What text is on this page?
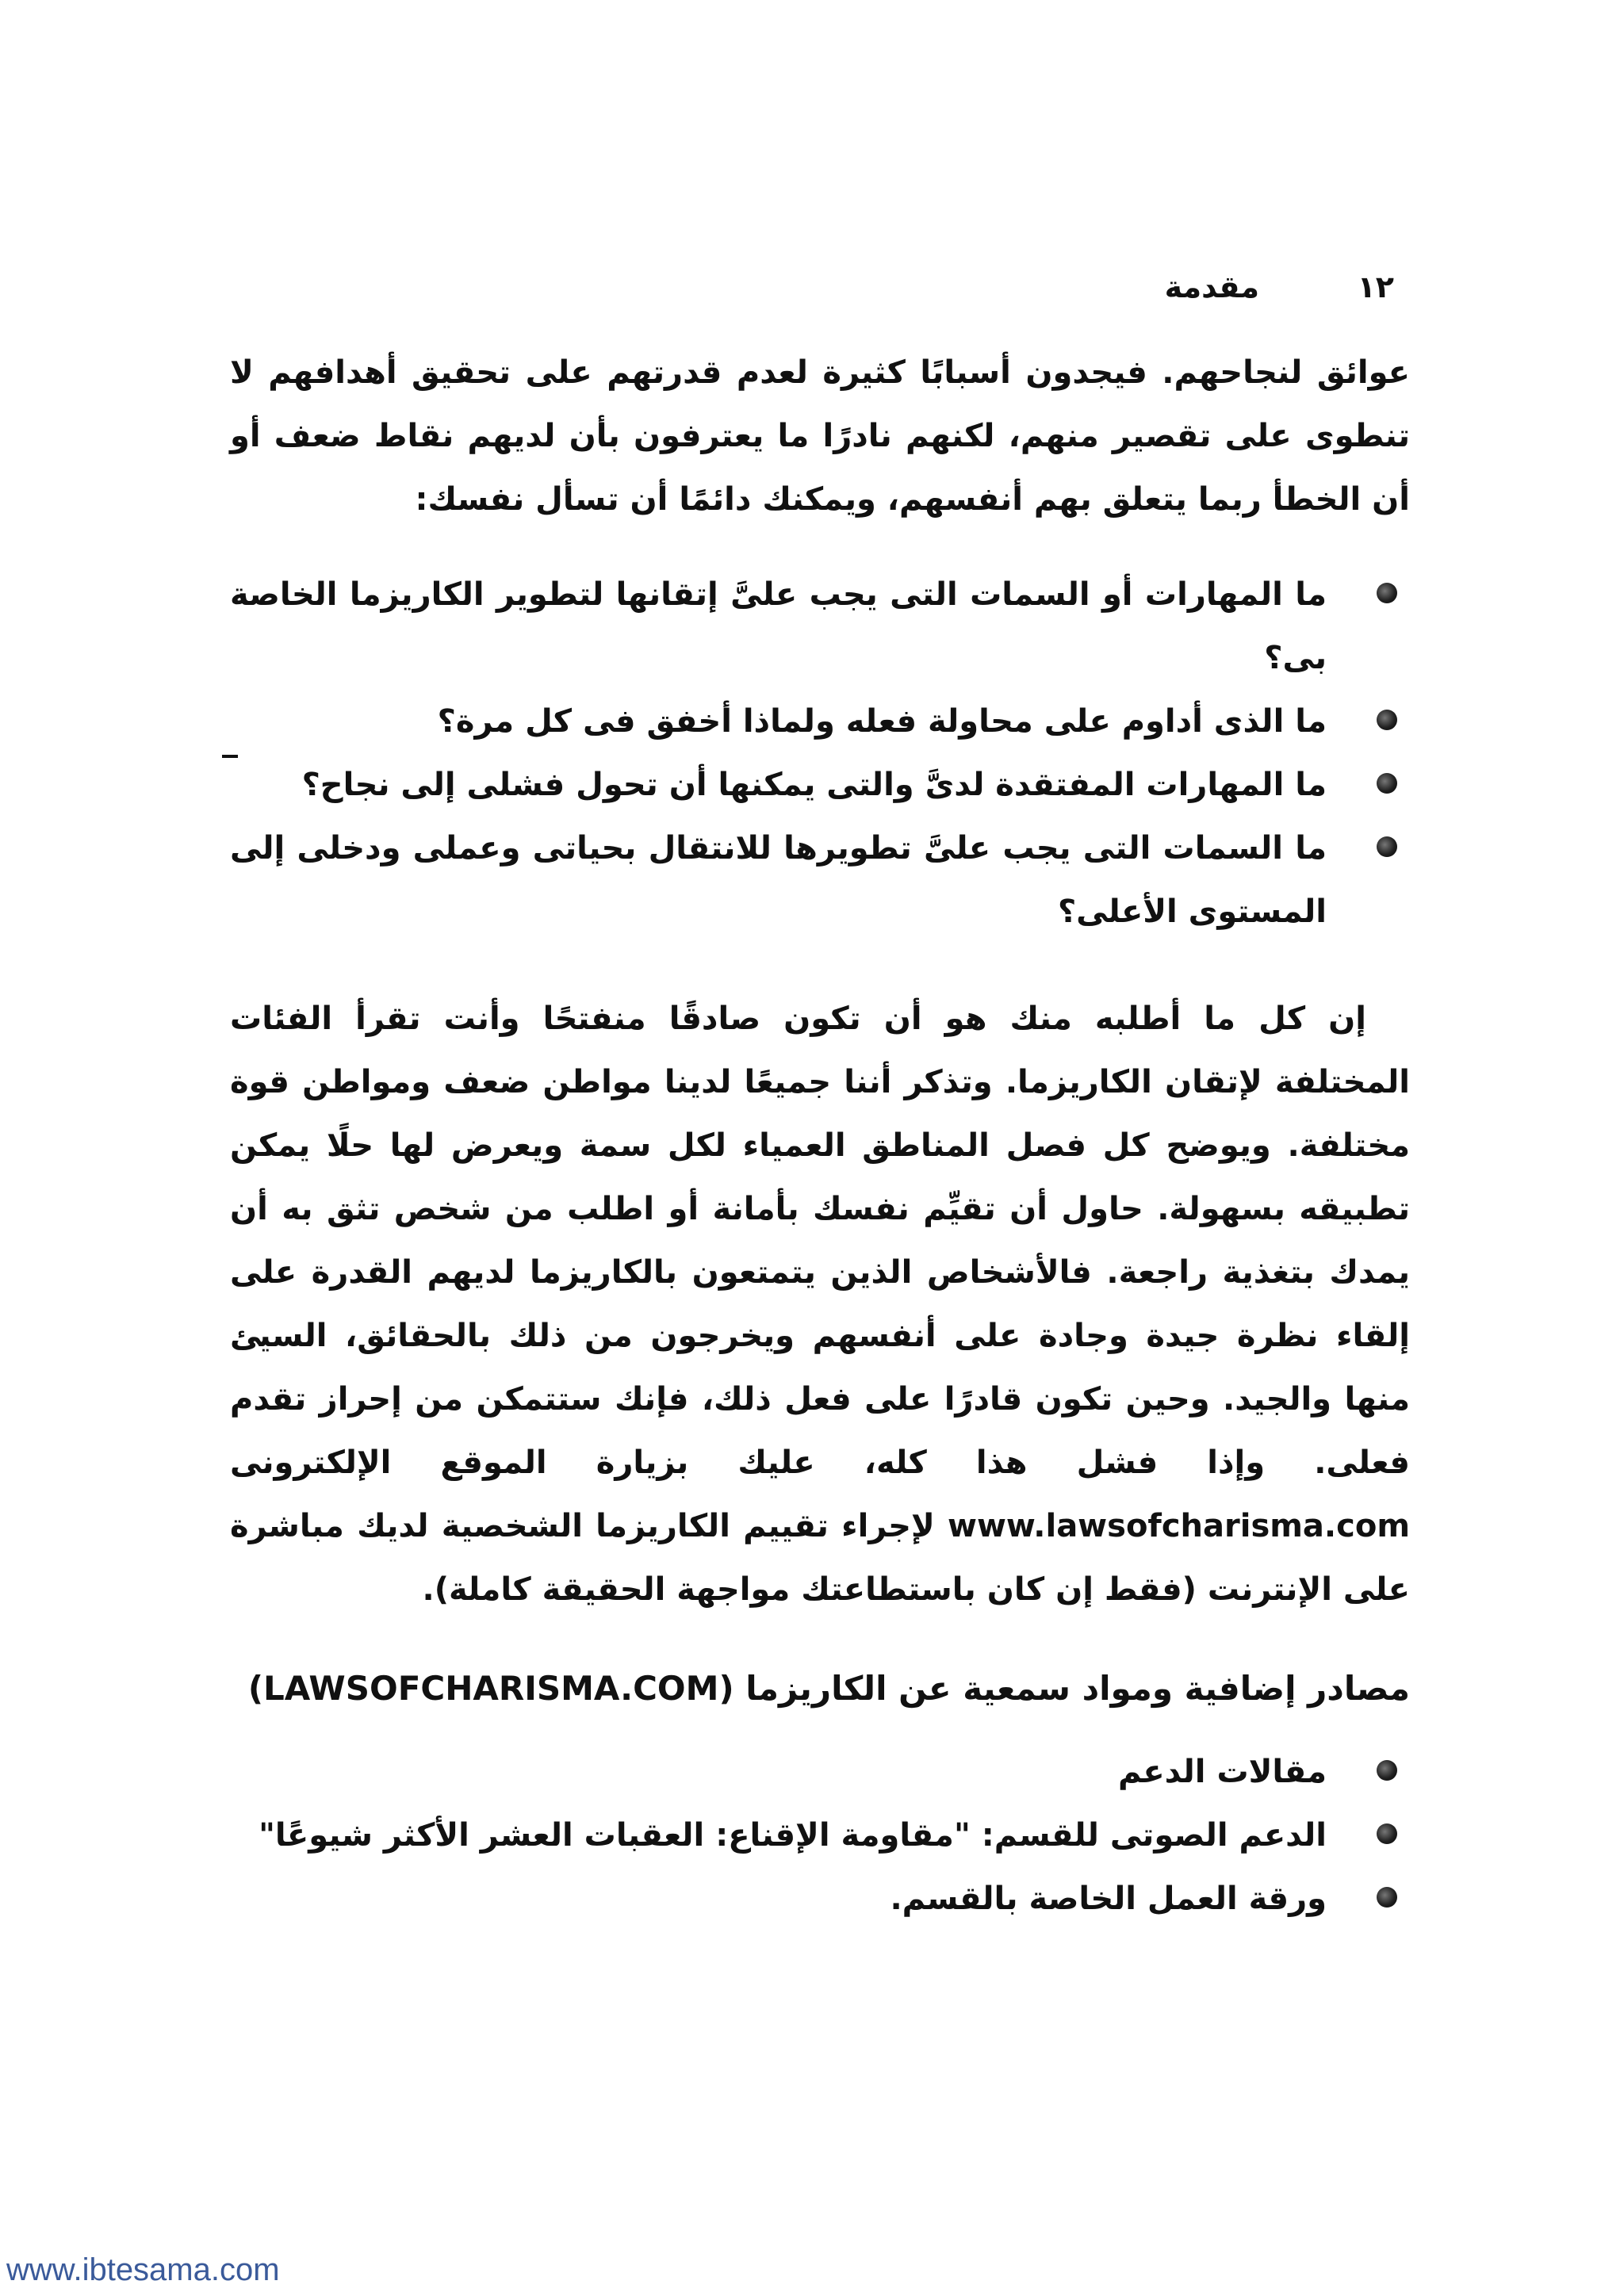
١٢
مقدمة

عوائق لنجاحهم. فيجدون أسبابًا كثيرة لعدم قدرتهم على تحقيق أهدافهم لا تنطوى على تقصير منهم، لكنهم نادرًا ما يعترفون بأن لديهم نقاط ضعف أو أن الخطأ ربما يتعلق بهم أنفسهم، ويمكنك دائمًا أن تسأل نفسك:

ما المهارات أو السمات التى يجب علىَّ إتقانها لتطوير الكاريزما الخاصة بى؟
ما الذى أداوم على محاولة فعله ولماذا أخفق فى كل مرة؟
ما المهارات المفتقدة لدىَّ والتى يمكنها أن تحول فشلى إلى نجاح؟
ما السمات التى يجب علىَّ تطويرها للانتقال بحياتى وعملى ودخلى إلى المستوى الأعلى؟

إن كل ما أطلبه منك هو أن تكون صادقًا منفتحًا وأنت تقرأ الفئات المختلفة لإتقان الكاريزما. وتذكر أننا جميعًا لدينا مواطن ضعف ومواطن قوة مختلفة. ويوضح كل فصل المناطق العمياء لكل سمة ويعرض لها حلًا يمكن تطبيقه بسهولة. حاول أن تقيِّم نفسك بأمانة أو اطلب من شخص تثق به أن يمدك بتغذية راجعة. فالأشخاص الذين يتمتعون بالكاريزما لديهم القدرة على إلقاء نظرة جيدة وجادة على أنفسهم ويخرجون من ذلك بالحقائق، السيئ منها والجيد. وحين تكون قادرًا على فعل ذلك، فإنك ستتمكن من إحراز تقدم فعلى. وإذا فشل هذا كله، عليك بزيارة الموقع الإلكترونى www.lawsofcharisma.com لإجراء تقييم الكاريزما الشخصية لديك مباشرة على الإنترنت (فقط إن كان باستطاعتك مواجهة الحقيقة كاملة).

مصادر إضافية ومواد سمعية عن الكاريزما (LAWSOFCHARISMA.COM)
مقالات الدعم
الدعم الصوتى للقسم: "مقاومة الإقناع: العقبات العشر الأكثر شيوعًا"
ورقة العمل الخاصة بالقسم.
www.ibtesama.com
